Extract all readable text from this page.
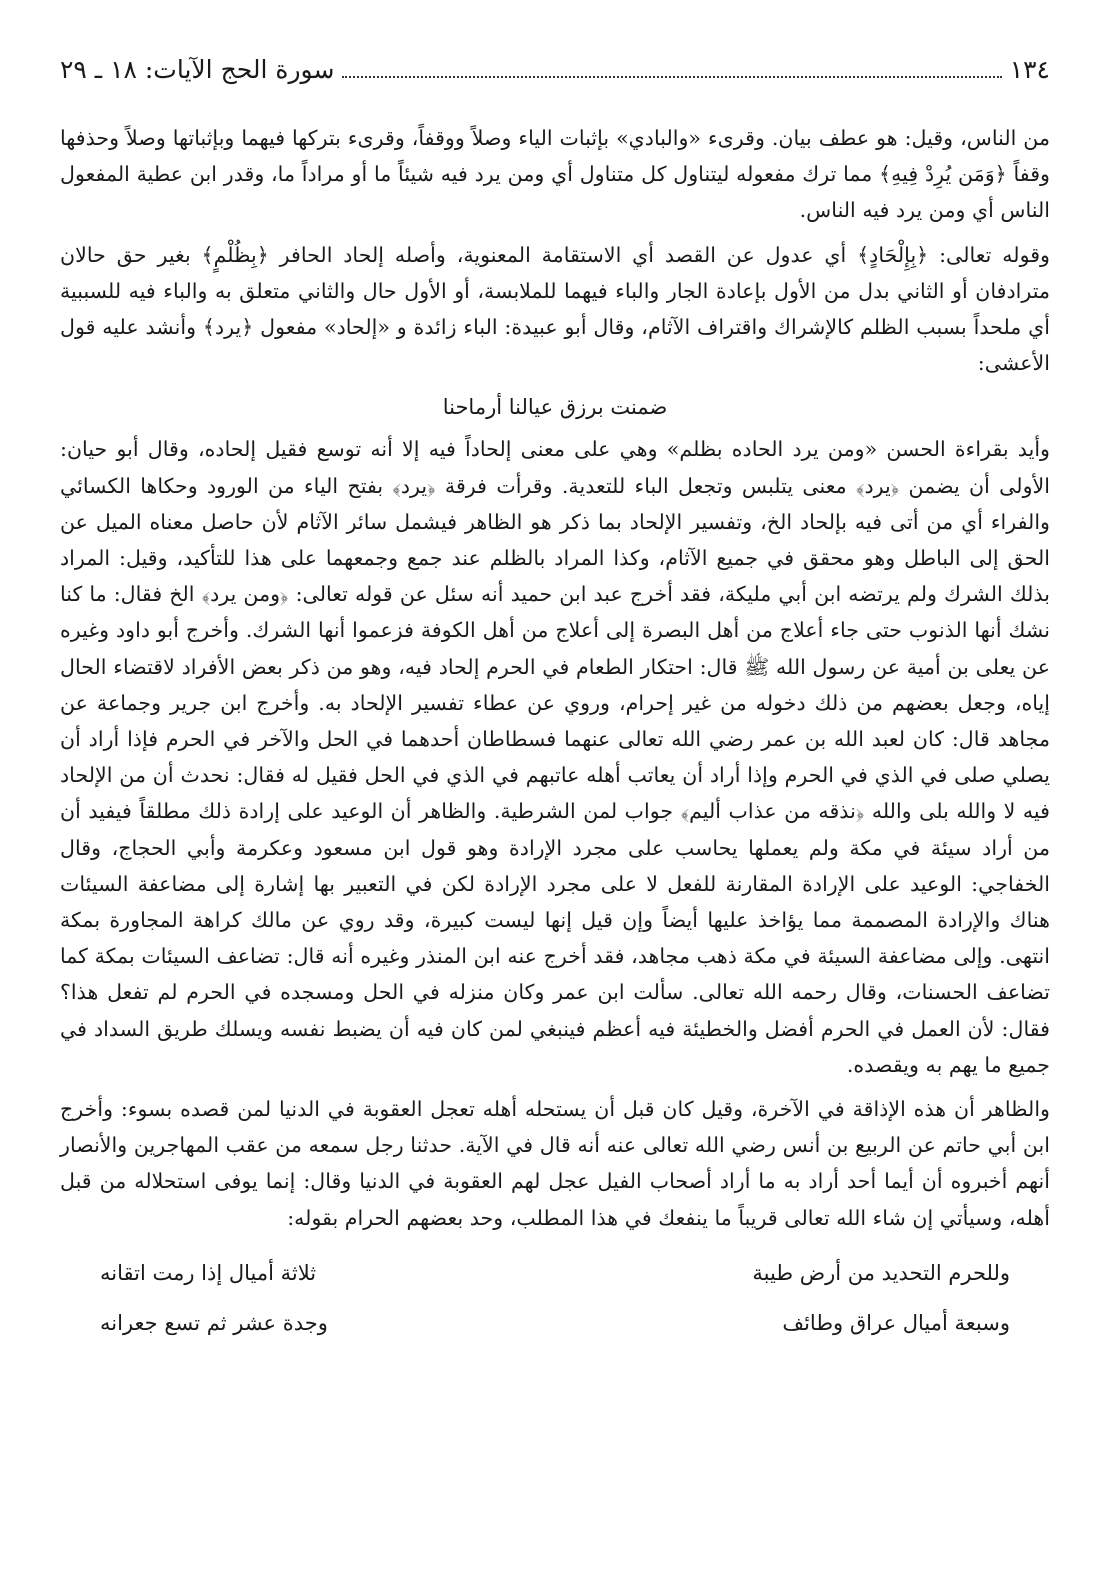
١٣٤
سورة الحج الآيات: ١٨ ـ ٢٩

من الناس، وقيل: هو عطف بيان. وقرىء «والبادي» بإثبات الياء وصلاً ووقفاً، وقرىء بتركها فيهما وبإثباتها وصلاً وحذفها وقفاً ﴿وَمَن يُرِدْ فِيهِ﴾ مما ترك مفعوله ليتناول كل متناول أي ومن يرد فيه شيئاً ما أو مراداً ما، وقدر ابن عطية المفعول الناس أي ومن يرد فيه الناس.

وقوله تعالى: ﴿بِإِلْحَادٍ﴾ أي عدول عن القصد أي الاستقامة المعنوية، وأصله إلحاد الحافر ﴿بِظُلْمٍ﴾ بغير حق حالان مترادفان أو الثاني بدل من الأول بإعادة الجار والباء فيهما للملابسة، أو الأول حال والثاني متعلق به والباء فيه للسببية أي ملحداً بسبب الظلم كالإشراك واقتراف الآثام، وقال أبو عبيدة: الباء زائدة و «إلحاد» مفعول ﴿يرد﴾ وأنشد عليه قول الأعشى:

ضمنت برزق عيالنا أرماحنا

وأيد بقراءة الحسن «ومن يرد الحاده بظلم» وهي على معنى إلحاداً فيه إلا أنه توسع فقيل إلحاده، وقال أبو حيان: الأولى أن يضمن ﴿يرد﴾ معنى يتلبس وتجعل الباء للتعدية. وقرأت فرقة ﴿يرد﴾ بفتح الياء من الورود وحكاها الكسائي والفراء أي من أتى فيه بإلحاد الخ، وتفسير الإلحاد بما ذكر هو الظاهر فيشمل سائر الآثام لأن حاصل معناه الميل عن الحق إلى الباطل وهو محقق في جميع الآثام، وكذا المراد بالظلم عند جمع وجمعهما على هذا للتأكيد، وقيل: المراد بذلك الشرك ولم يرتضه ابن أبي مليكة، فقد أخرج عبد ابن حميد أنه سئل عن قوله تعالى: ﴿ومن يرد﴾ الخ فقال: ما كنا نشك أنها الذنوب حتى جاء أعلاج من أهل البصرة إلى أعلاج من أهل الكوفة فزعموا أنها الشرك. وأخرج أبو داود وغيره عن يعلى بن أمية عن رسول الله ﷺ قال: احتكار الطعام في الحرم إلحاد فيه، وهو من ذكر بعض الأفراد لاقتضاء الحال إياه، وجعل بعضهم من ذلك دخوله من غير إحرام، وروي عن عطاء تفسير الإلحاد به. وأخرج ابن جرير وجماعة عن مجاهد قال: كان لعبد الله بن عمر رضي الله تعالى عنهما فسطاطان أحدهما في الحل والآخر في الحرم فإذا أراد أن يصلي صلى في الذي في الحرم وإذا أراد أن يعاتب أهله عاتبهم في الذي في الحل فقيل له فقال: نحدث أن من الإلحاد فيه لا والله بلى والله ﴿نذقه من عذاب أليم﴾ جواب لمن الشرطية. والظاهر أن الوعيد على إرادة ذلك مطلقاً فيفيد أن من أراد سيئة في مكة ولم يعملها يحاسب على مجرد الإرادة وهو قول ابن مسعود وعكرمة وأبي الحجاج، وقال الخفاجي: الوعيد على الإرادة المقارنة للفعل لا على مجرد الإرادة لكن في التعبير بها إشارة إلى مضاعفة السيئات هناك والإرادة المصممة مما يؤاخذ عليها أيضاً وإن قيل إنها ليست كبيرة، وقد روي عن مالك كراهة المجاورة بمكة انتهى. وإلى مضاعفة السيئة في مكة ذهب مجاهد، فقد أخرج عنه ابن المنذر وغيره أنه قال: تضاعف السيئات بمكة كما تضاعف الحسنات، وقال رحمه الله تعالى. سألت ابن عمر وكان منزله في الحل ومسجده في الحرم لم تفعل هذا؟ فقال: لأن العمل في الحرم أفضل والخطيئة فيه أعظم فينبغي لمن كان فيه أن يضبط نفسه ويسلك طريق السداد في جميع ما يهم به ويقصده.

والظاهر أن هذه الإذاقة في الآخرة، وقيل كان قبل أن يستحله أهله تعجل العقوبة في الدنيا لمن قصده بسوء: وأخرج ابن أبي حاتم عن الربيع بن أنس رضي الله تعالى عنه أنه قال في الآية. حدثنا رجل سمعه من عقب المهاجرين والأنصار أنهم أخبروه أن أيما أحد أراد به ما أراد أصحاب الفيل عجل لهم العقوبة في الدنيا وقال: إنما يوفى استحلاله من قبل أهله، وسيأتي إن شاء الله تعالى قريباً ما ينفعك في هذا المطلب، وحد بعضهم الحرام بقوله:

وللحرم التحديد من أرض طيبة
ثلاثة أميال إذا رمت اتقانه
وسبعة أميال عراق وطائف
وجدة عشر ثم تسع جعرانه
